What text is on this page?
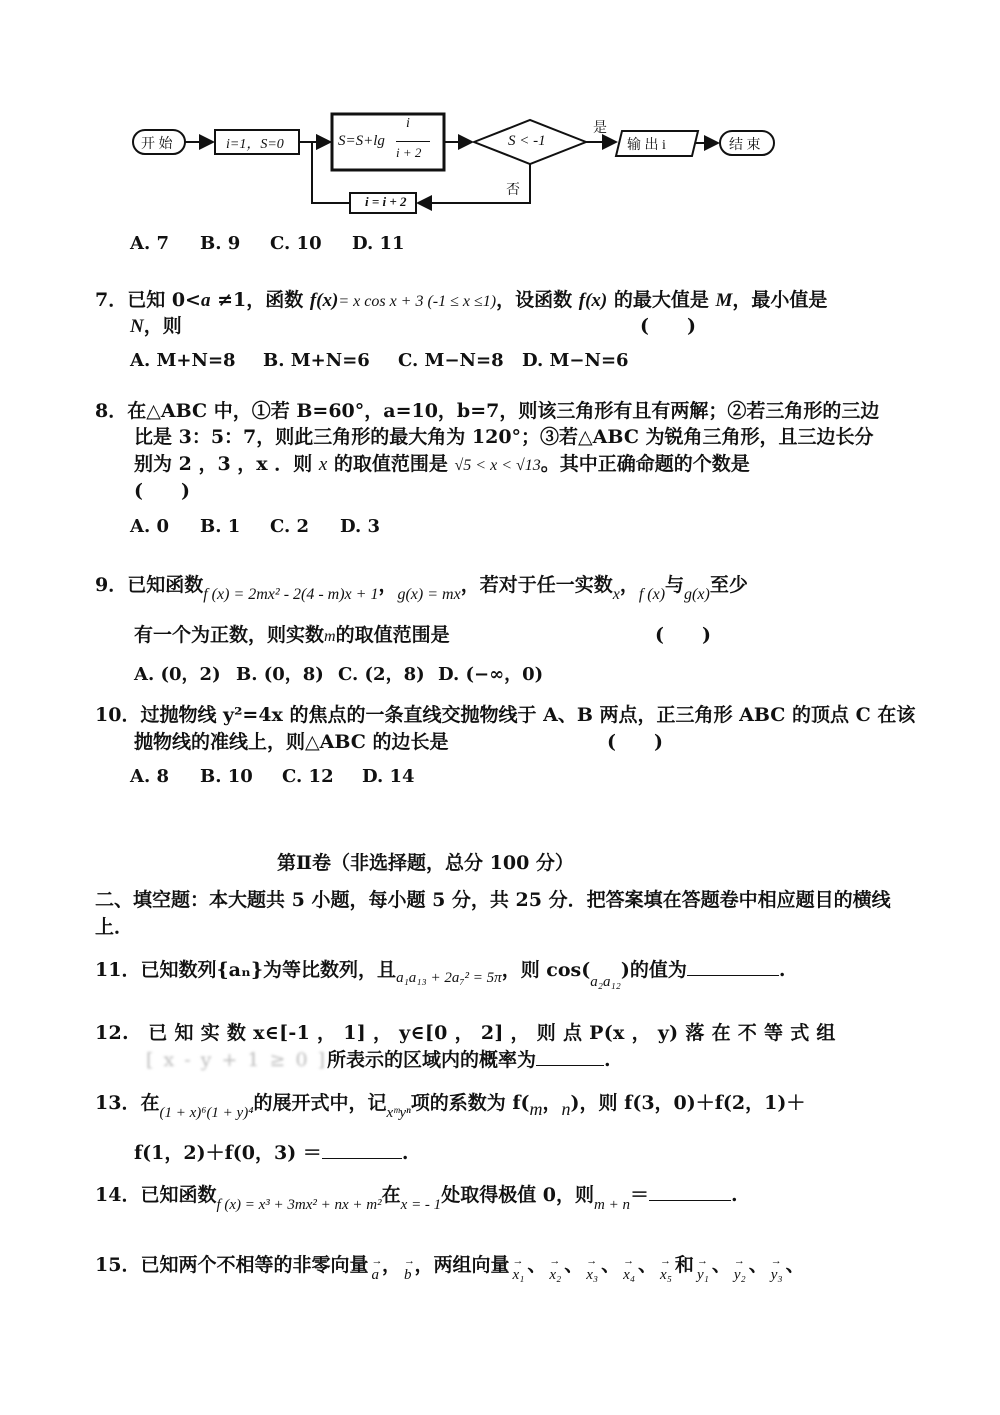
开 始	i=1，S=0	S=S+lg
i
i + 2
S < -1
是
否
输 出 i	结 束
i = i + 2
A. 7 B. 9 C. 10 D. 11
7．已知 0<a ≠1，函数 f(x)= x cos x + 3 (-1 ≤ x ≤1)，设函数 f(x) 的最大值是 M，最小值是
N，则	(　　)
A. M+N=8 B. M+N=6 C. M−N=8 D. M−N=6
8．在△ABC 中，①若 B=60°，a=10，b=7，则该三角形有且有两解；②若三角形的三边
比是 3：5：7，则此三角形的最大角为 120°；③若△ABC 为锐角三角形，且三边长分
别为 2 ，3 ，x ．则 x 的取值范围是 √5 < x < √13。其中正确命题的个数是
(　　)
A. 0 B. 1 C. 2 D. 3
9．已知函数$_{f (x) = 2mx^2 - 2(4 - m)x + 1}$，$_{g(x) = mx}$，若对于任一实数$_x$，$_{f (x)}$与$_{g(x)}$至少
有一个为正数，则实数m的取值范围是	(　　)
A. (0，2) B. (0，8) C. (2，8) D. (−∞，0)
10．过抛物线 y²=4x 的焦点的一条直线交抛物线于 A、B 两点，正三角形 ABC 的顶点 C 在该
抛物线的准线上，则△ABC 的边长是	(　　)
A. 8 B. 10 C. 12 D. 14
第Ⅱ卷（非选择题，总分 100 分）
二、填空题：本大题共 5 小题，每小题 5 分，共 25 分．把答案填在答题卷中相应题目的横线
上．
11．已知数列{aₙ}为等比数列，且$_{a_1a_{13} + 2a_7^2 = 5\pi}$，则 $\cos(_{a_2a_{12}})$的值为	.
12.　已 知 实 数 x∈[-1 ， 1] ， y∈[0 ， 2] ， 则 点 P(x ， y) 落 在 不 等 式 组
[ x - y + 1 ≥ 0 ]所表示的区域内的概率为	.
13．在$_{(1 + x)^6(1 + y)^4}$的展开式中，记$_{xᵐy^n}$项的系数为 f(m，n)，则 f(3，0)＋f(2，1)＋
f(1，2)＋f(0，3) ＝	.
14．已知函数$_{f (x) = x^3 + 3mx^2 + nx + m^2}$在$_{x = - 1}$处取得极值 0，则$_{m + n}$＝	.
15．已知两个不相等的非零向量 → a ， → b ，两组向量 → x₁ 、 → x₂ 、 → x₃ 、 → x₄ 、 → x₅ 和 → y₁ 、 → y₂ 、 → y₃ 、
